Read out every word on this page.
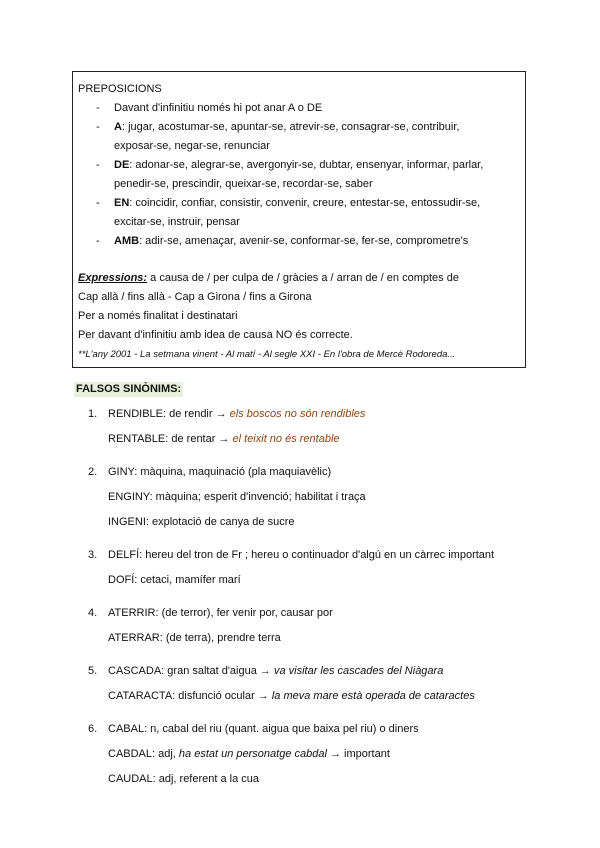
PREPOSICIONS
- Davant d'infinitiu només hi pot anar A o DE
- A: jugar, acostumar-se, apuntar-se, atrevir-se, consagrar-se, contribuir,
exposar-se, negar-se, renunciar
- DE: adonar-se, alegrar-se, avergonyir-se, dubtar, ensenyar, informar, parlar,
penedir-se, prescindir, queixar-se, recordar-se, saber
- EN: coincidir, confiar, consistir, convenir, creure, entestar-se, entossudir-se,
excitar-se, instruir, pensar
- AMB: adir-se, amenaçar, avenir-se, conformar-se, fer-se, comprometre's
Expressions: a causa de / per culpa de / gràcies a / arran de / en comptes de
Cap allà / fins allà - Cap a Girona / fins a Girona
Per a només finalitat i destinatari
Per davant d'infinitiu amb idea de causa NO és correcte.
**L'any 2001 - La setmana vinent - Al matí - Al segle XXI - En l'obra de Mercè Rodoreda...
FALSOS SINÒNIMS:
1. RENDIBLE: de rendir → els boscos no són rendibles
RENTABLE: de rentar → el teixit no és rentable
2. GINY: màquina, maquinació (pla maquiavèlic)
ENGINY: màquina; esperit d'invenció; habilitat i traça
INGENI: explotació de canya de sucre
3. DELFÍ: hereu del tron de Fr ; hereu o continuador d'algú en un càrrec important
DOFÍ: cetaci, mamífer marí
4. ATERRIR: (de terror), fer venir por, causar por
ATERRAR: (de terra), prendre terra
5. CASCADA: gran saltat d'aigua → va visitar les cascades del Niàgara
CATARACTA: disfunció ocular → la meva mare està operada de cataractes
6. CABAL: n, cabal del riu (quant. aigua que baixa pel riu) o diners
CABDAL: adj, ha estat un personatge cabdal → important
CAUDAL: adj, referent a la cua
